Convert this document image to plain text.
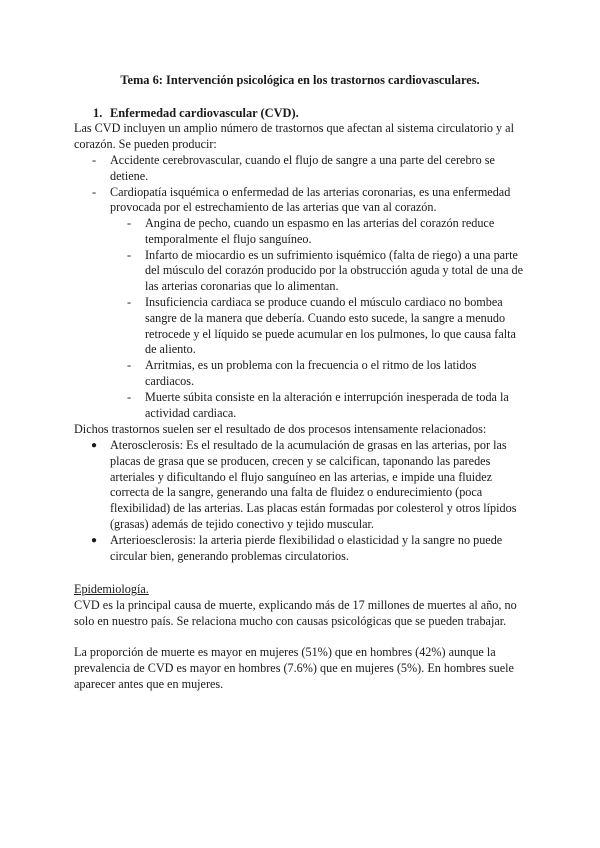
Tema 6: Intervención psicológica en los trastornos cardiovasculares.
1. Enfermedad cardiovascular (CVD).

Las CVD incluyen un amplio número de trastornos que afectan al sistema circulatorio y al corazón. Se pueden producir:

- Accidente cerebrovascular, cuando el flujo de sangre a una parte del cerebro se detiene.
- Cardiopatía isquémica o enfermedad de las arterias coronarias, es una enfermedad provocada por el estrechamiento de las arterias que van al corazón.
- Angina de pecho, cuando un espasmo en las arterias del corazón reduce temporalmente el flujo sanguíneo.
- Infarto de miocardio es un sufrimiento isquémico (falta de riego) a una parte del músculo del corazón producido por la obstrucción aguda y total de una de las arterias coronarias que lo alimentan.
- Insuficiencia cardiaca se produce cuando el músculo cardiaco no bombea sangre de la manera que debería. Cuando esto sucede, la sangre a menudo retrocede y el líquido se puede acumular en los pulmones, lo que causa falta de aliento.
- Arritmias, es un problema con la frecuencia o el ritmo de los latidos cardiacos.
- Muerte súbita consiste en la alteración e interrupción inesperada de toda la actividad cardiaca.

Dichos trastornos suelen ser el resultado de dos procesos intensamente relacionados:

● Aterosclerosis: Es el resultado de la acumulación de grasas en las arterias, por las placas de grasa que se producen, crecen y se calcifican, taponando las paredes arteriales y dificultando el flujo sanguíneo en las arterias, e impide una fluidez correcta de la sangre, generando una falta de fluidez o endurecimiento (poca flexibilidad) de las arterias. Las placas están formadas por colesterol y otros lípidos (grasas) además de tejido conectivo y tejido muscular.
● Arterioesclerosis: la arteria pierde flexibilidad o elasticidad y la sangre no puede circular bien, generando problemas circulatorios.

Epidemiología.

CVD es la principal causa de muerte, explicando más de 17 millones de muertes al año, no solo en nuestro país. Se relaciona mucho con causas psicológicas que se pueden trabajar.

La proporción de muerte es mayor en mujeres (51%) que en hombres (42%) aunque la prevalencia de CVD es mayor en hombres (7.6%) que en mujeres (5%). En hombres suele aparecer antes que en mujeres.
